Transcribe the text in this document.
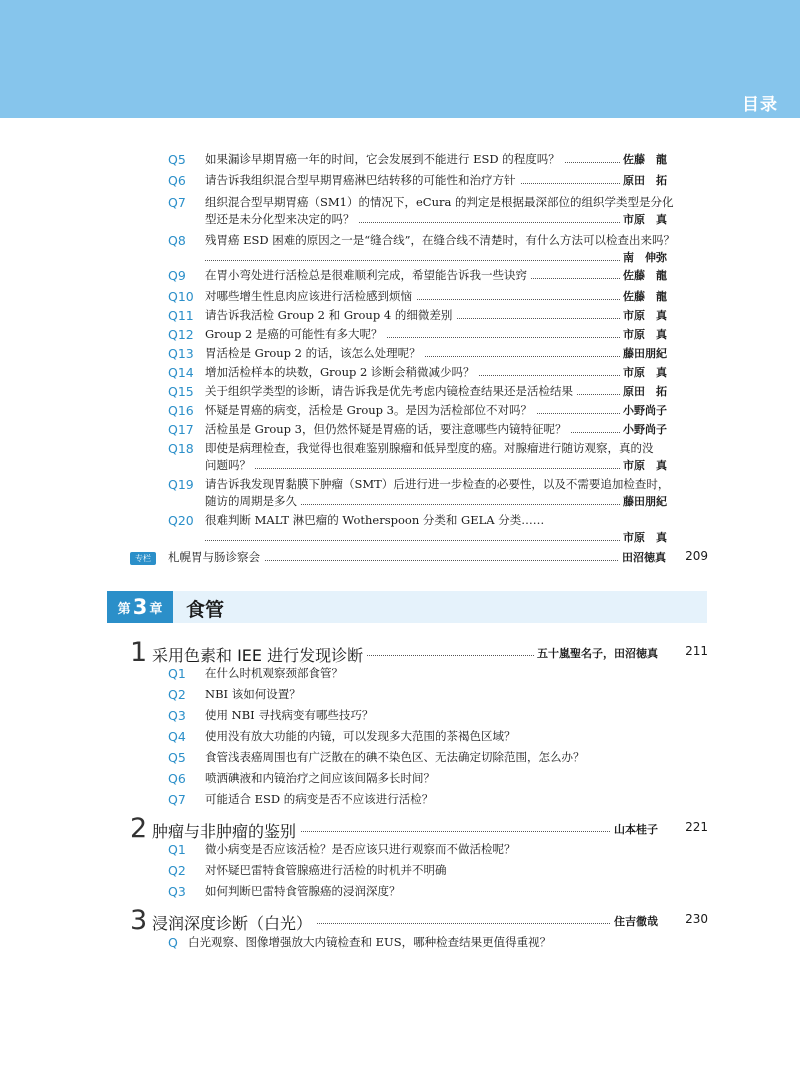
目录
Q5 如果漏诊早期胃癌一年的时间，它会发展到不能进行 ESD 的程度吗？	佐藤　龍
Q6 请告诉我组织混合型早期胃癌淋巴结转移的可能性和治疗方针	原田　拓
Q7 组织混合型早期胃癌（SM1）的情况下，eCura 的判定是根据最深部位的组织学类型是分化
型还是未分化型来决定的吗？	市原　真
Q8 残胃癌 ESD 困难的原因之一是“缝合线”，在缝合线不清楚时，有什么方法可以检查出来吗？
南　伸弥
Q9 在胃小弯处进行活检总是很难顺利完成，希望能告诉我一些诀窍	佐藤　龍
Q10 对哪些增生性息肉应该进行活检感到烦恼	佐藤　龍
Q11 请告诉我活检 Group 2 和 Group 4 的细微差别	市原　真
Q12 Group 2 是癌的可能性有多大呢？	市原　真
Q13 胃活检是 Group 2 的话，该怎么处理呢？	藤田朋紀
Q14 增加活检样本的块数，Group 2 诊断会稍微减少吗？	市原　真
Q15 关于组织学类型的诊断，请告诉我是优先考虑内镜检查结果还是活检结果	原田　拓
Q16 怀疑是胃癌的病变，活检是 Group 3。是因为活检部位不对吗？	小野尚子
Q17 活检虽是 Group 3，但仍然怀疑是胃癌的话，要注意哪些内镜特征呢？	小野尚子
Q18 即使是病理检查，我觉得也很难鉴别腺瘤和低异型度的癌。对腺瘤进行随访观察，真的没
问题吗？	市原　真
Q19 请告诉我发现胃黏膜下肿瘤（SMT）后进行进一步检查的必要性，以及不需要追加检查时，
随访的周期是多久	藤田朋紀
Q20 很难判断 MALT 淋巴瘤的 Wotherspoon 分类和 GELA 分类……
市原　真
专栏	札幌胃与肠诊察会	田沼徳真 209
第 3 章 食管
1 采用色素和 IEE 进行发现诊断	五十嵐聖名子，田沼徳真 211
Q1 在什么时机观察颈部食管？
Q2 NBI 该如何设置？
Q3 使用 NBI 寻找病变有哪些技巧？
Q4 使用没有放大功能的内镜，可以发现多大范围的茶褐色区域？
Q5 食管浅表癌周围也有广泛散在的碘不染色区、无法确定切除范围，怎么办？
Q6 喷洒碘液和内镜治疗之间应该间隔多长时间？
Q7 可能适合 ESD 的病变是否不应该进行活检？
2 肿瘤与非肿瘤的鉴别	山本桂子 221
Q1 微小病变是否应该活检？是否应该只进行观察而不做活检呢？
Q2 对怀疑巴雷特食管腺癌进行活检的时机并不明确
Q3 如何判断巴雷特食管腺癌的浸润深度？
3 浸润深度诊断（白光）	住吉徹哉 230
Q 白光观察、图像增强放大内镜检查和 EUS，哪种检查结果更值得重视？
